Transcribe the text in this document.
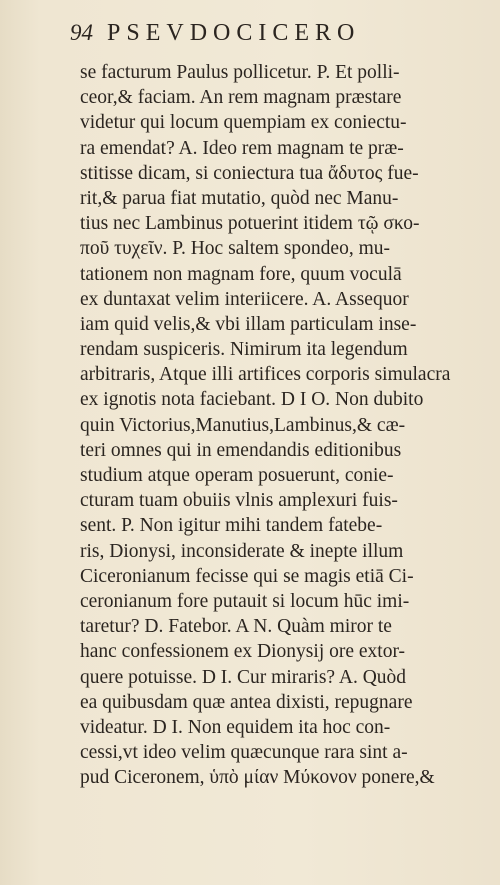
94 PSEVDOCICERO
se facturum Paulus pollicetur. P. Et polli-
ceor,& faciam. An rem magnam præstare
videtur qui locum quempiam ex coniectu-
ra emendat? A. Ideo rem magnam te præ-
stitisse dicam, si coniectura tua ἄδυτος fue-
rit,& parua fiat mutatio, quòd nec Manu-
tius nec Lambinus potuerint itidem τῷ σκο-
ποῦ τυχεῖν. P. Hoc saltem spondeo, mu-
tationem non magnam fore, quum voculā
ex duntaxat velim interiicere. A. Assequor
iam quid velis,& vbi illam particulam inse-
rendam suspiceris. Nimirum ita legendum
arbitraris, Atque illi artifices corporis simulacra
ex ignotis nota faciebant. D I O. Non dubito
quin Victorius,Manutius,Lambinus,& cæ-
teri omnes qui in emendandis editionibus
studium atque operam posuerunt, conie-
cturam tuam obuiis vlnis amplexuri fuis-
sent. P. Non igitur mihi tandem fatebe-
ris, Dionysi, inconsiderate & inepte illum
Ciceronianum fecisse qui se magis etiā Ci-
ceronianum fore putauit si locum hūc imi-
taretur? D. Fatebor. A N. Quàm miror te
hanc confessionem ex Dionysij ore extor-
quere potuisse. D I. Cur miraris? A. Quòd
ea quibusdam quæ antea dixisti, repugnare
videatur. D I. Non equidem ita hoc con-
cessi,vt ideo velim quæcunque rara sint a-
pud Ciceronem, ὑπὸ μίαν Μύκονον ponere,&
